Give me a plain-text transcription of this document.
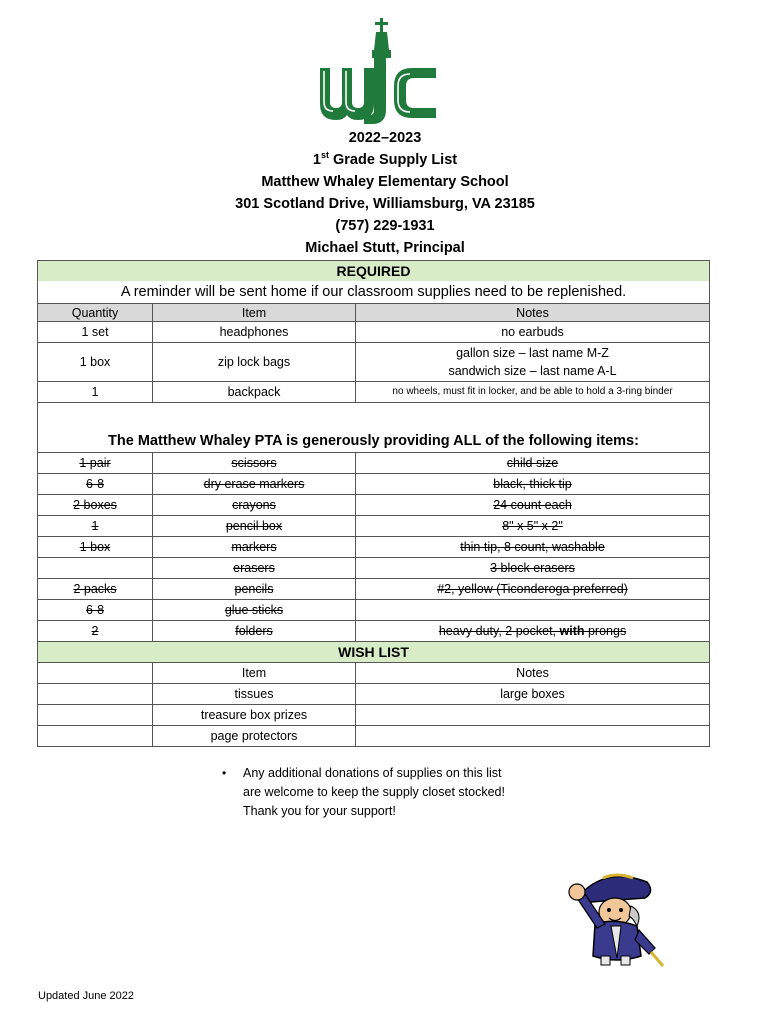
2022–2023
1st Grade Supply List
Matthew Whaley Elementary School
301 Scotland Drive, Williamsburg, VA 23185
(757) 229-1931
Michael Stutt, Principal
REQUIRED		
A reminder will be sent home if our classroom supplies need to be replenished.		
Quantity	Item	Notes
1 set	headphones	no earbuds
1 box	zip lock bags	gallon size – last name M-Z
sandwich size – last name A-L

1	backpack	no wheels, must fit in locker, and be able to hold a 3-ring binder
The Matthew Whaley PTA is generously providing ALL of the following items:		
1 pair	scissors	child size
6-8	dry erase markers	black, thick tip
2 boxes	crayons	24 count each
1	pencil box	8" x 5" x 2"
1 box	markers	thin tip, 8 count, washable
	erasers	3 block erasers
2 packs	pencils	#2, yellow (Ticonderoga preferred)
6-8	glue sticks	
2	folders	heavy duty, 2 pocket, with prongs
WISH LIST		
	Item	Notes
	tissues	large boxes
	treasure box prizes	
	page protectors	
• Any additional donations of supplies on this list
are welcome to keep the supply closet stocked!
Thank you for your support!
Updated June 2022
